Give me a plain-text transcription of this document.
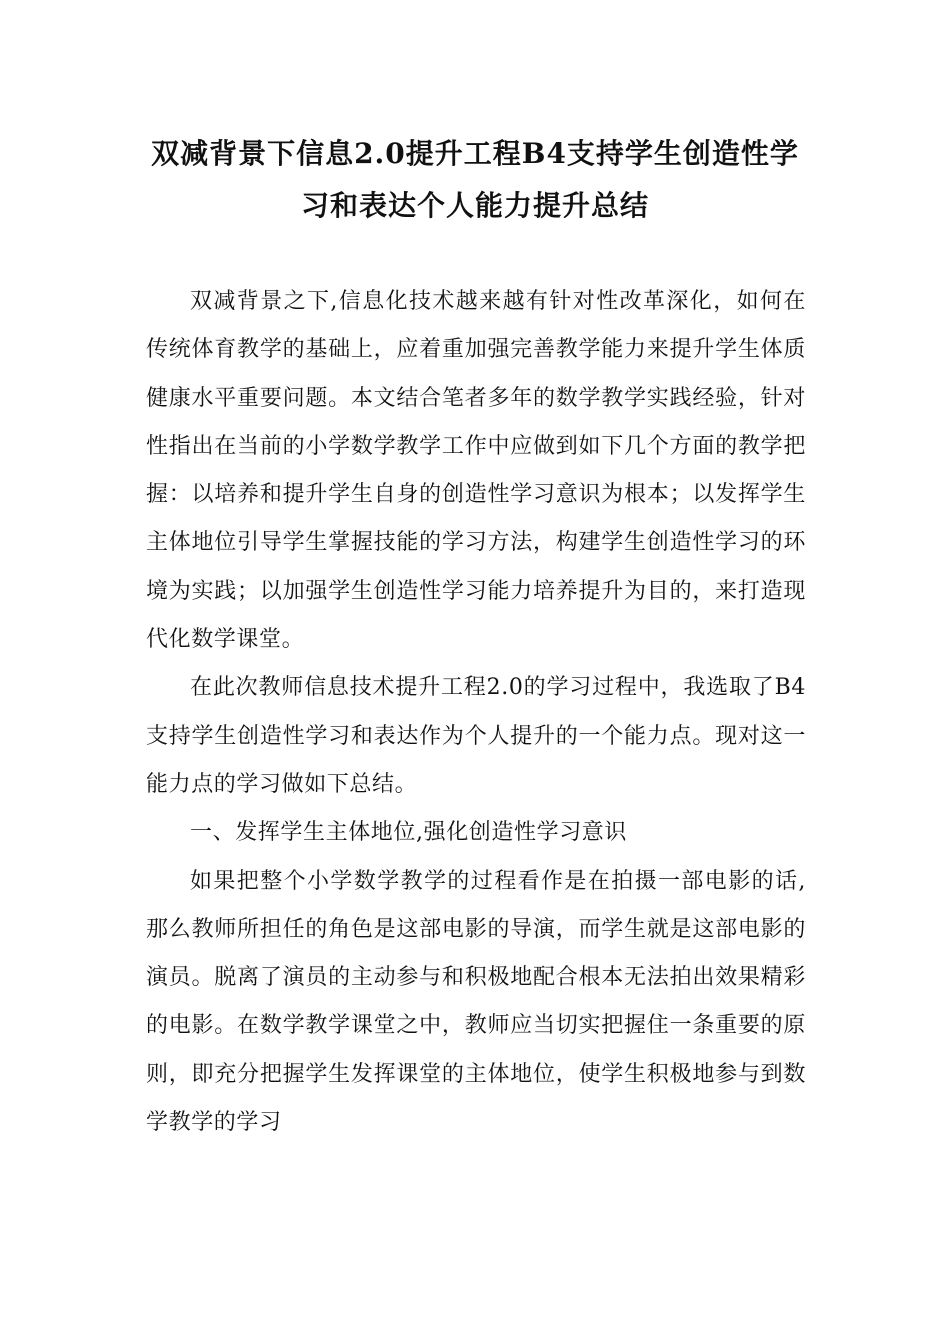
双减背景下信息2.0提升工程B4支持学生创造性学
习和表达个人能力提升总结

双减背景之下,信息化技术越来越有针对性改革深化，如何在传统体育教学的基础上，应着重加强完善教学能力来提升学生体质健康水平重要问题。本文结合笔者多年的数学教学实践经验，针对性指出在当前的小学数学教学工作中应做到如下几个方面的教学把握：以培养和提升学生自身的创造性学习意识为根本；以发挥学生主体地位引导学生掌握技能的学习方法，构建学生创造性学习的环境为实践；以加强学生创造性学习能力培养提升为目的，来打造现代化数学课堂。

在此次教师信息技术提升工程2.0的学习过程中，我选取了B4支持学生创造性学习和表达作为个人提升的一个能力点。现对这一能力点的学习做如下总结。

一、发挥学生主体地位,强化创造性学习意识

如果把整个小学数学教学的过程看作是在拍摄一部电影的话,那么教师所担任的角色是这部电影的导演，而学生就是这部电影的演员。脱离了演员的主动参与和积极地配合根本无法拍出效果精彩的电影。在数学教学课堂之中，教师应当切实把握住一条重要的原则，即充分把握学生发挥课堂的主体地位，使学生积极地参与到数学教学的学习
